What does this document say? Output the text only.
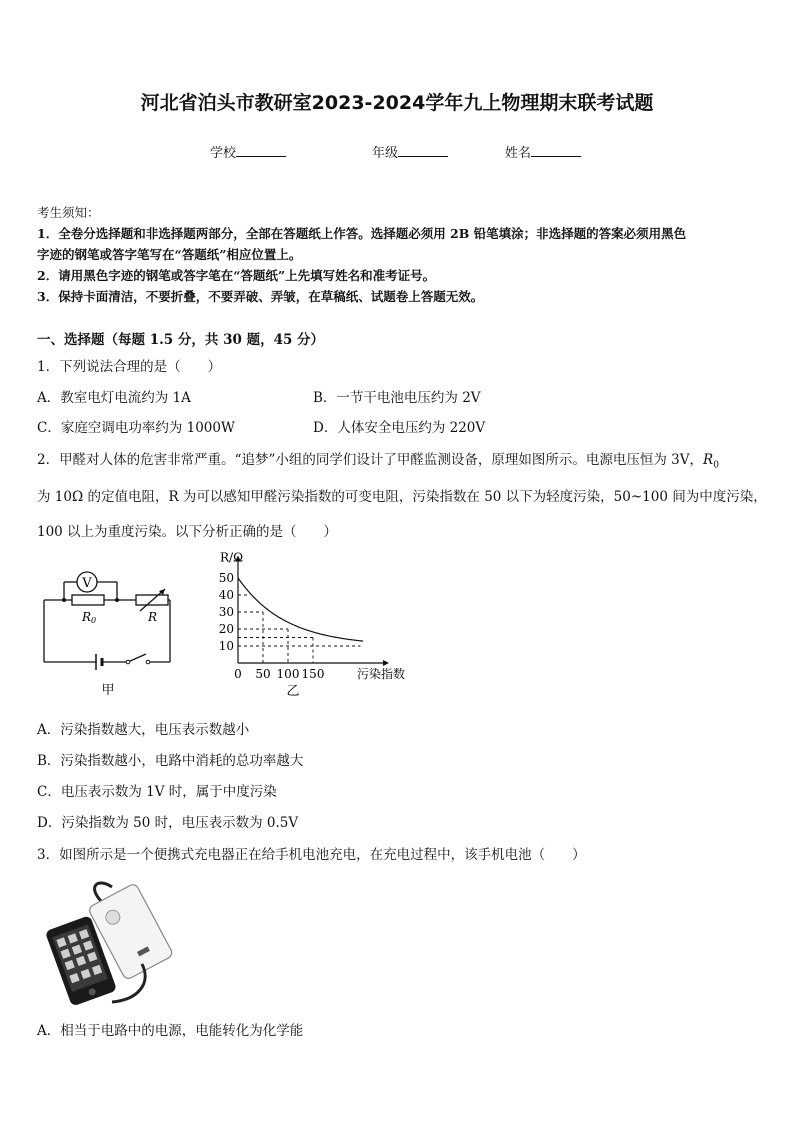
河北省泊头市教研室2023-2024学年九上物理期末联考试题
学校	年级	姓名
考生须知：
1．全卷分选择题和非选择题两部分，全部在答题纸上作答。选择题必须用 2B 铅笔填涂；非选择题的答案必须用黑色
字迹的钢笔或答字笔写在“答题纸”相应位置上。
2．请用黑色字迹的钢笔或答字笔在“答题纸”上先填写姓名和准考证号。
3．保持卡面清洁，不要折叠，不要弄破、弄皱，在草稿纸、试题卷上答题无效。
一、选择题（每题 1.5 分，共 30 题，45 分）
1．下列说法合理的是（　　）
A．教室电灯电流约为 1A	B．一节干电池电压约为 2V
C．家庭空调电功率约为 1000W	D．人体安全电压约为 220V
2．甲醛对人体的危害非常严重。“追梦”小组的同学们设计了甲醛监测设备，原理如图所示。电源电压恒为 3V，$R_0$
为 10Ω 的定值电阻，R 为可以感知甲醛污染指数的可变电阻，污染指数在 50 以下为轻度污染，50~100 间为中度污染，
100 以上为重度污染。以下分析正确的是（　　）
V
R0	R
甲
10
20
30
40
50
0 50 100 150
R/Ω
污染指数
乙
A．污染指数越大，电压表示数越小
B．污染指数越小，电路中消耗的总功率越大
C．电压表示数为 1V 时，属于中度污染
D．污染指数为 50 时，电压表示数为 0.5V
3．如图所示是一个便携式充电器正在给手机电池充电，在充电过程中，该手机电池（　　）
A．相当于电路中的电源，电能转化为化学能
